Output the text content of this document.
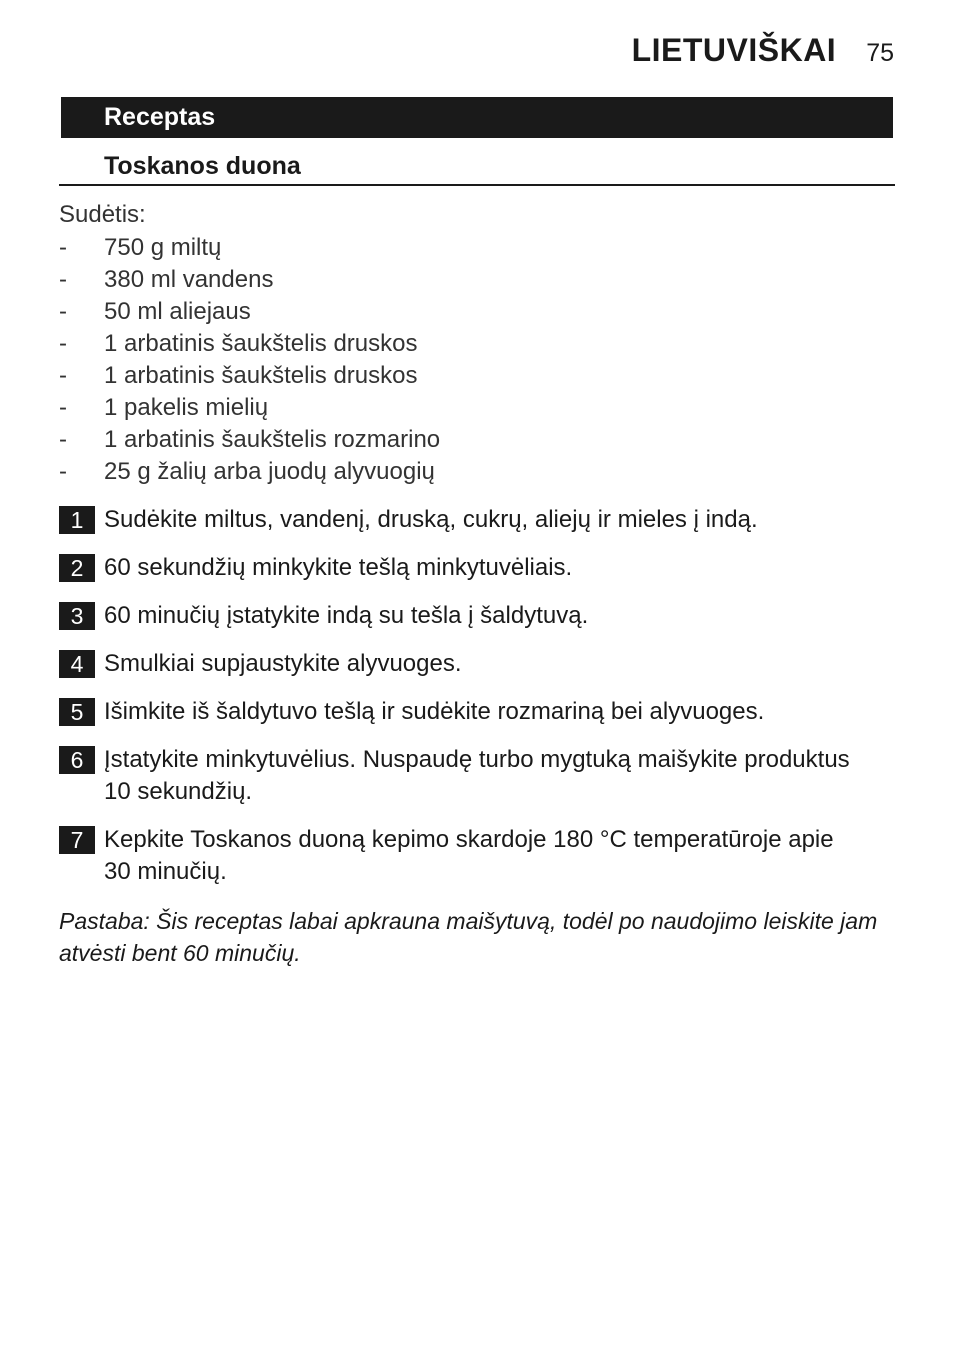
LIETUVIŠKAI 75
Receptas
Toskanos duona
Sudėtis:
- 750 g miltų
- 380 ml vandens
- 50 ml aliejaus
- 1 arbatinis šaukštelis druskos
- 1 arbatinis šaukštelis druskos
- 1 pakelis mielių
- 1 arbatinis šaukštelis rozmarino
- 25 g žalių arba juodų alyvuogių
1 Sudėkite miltus, vandenį, druską, cukrų, aliejų ir mieles į indą.
2 60 sekundžių minkykite tešlą minkytuvėliais.
3 60 minučių įstatykite indą su tešla į šaldytuvą.
4 Smulkiai supjaustykite alyvuoges.
5 Išimkite iš šaldytuvo tešlą ir sudėkite rozmariną bei alyvuoges.
6 Įstatykite minkytuvėlius. Nuspaudę turbo mygtuką maišykite produktus 10 sekundžių.
7 Kepkite Toskanos duoną kepimo skardoje 180 °C temperatūroje apie 30 minučių.
Pastaba: Šis receptas labai apkrauna maišytuvą, todėl po naudojimo leiskite jam atvėsti bent 60 minučių.
